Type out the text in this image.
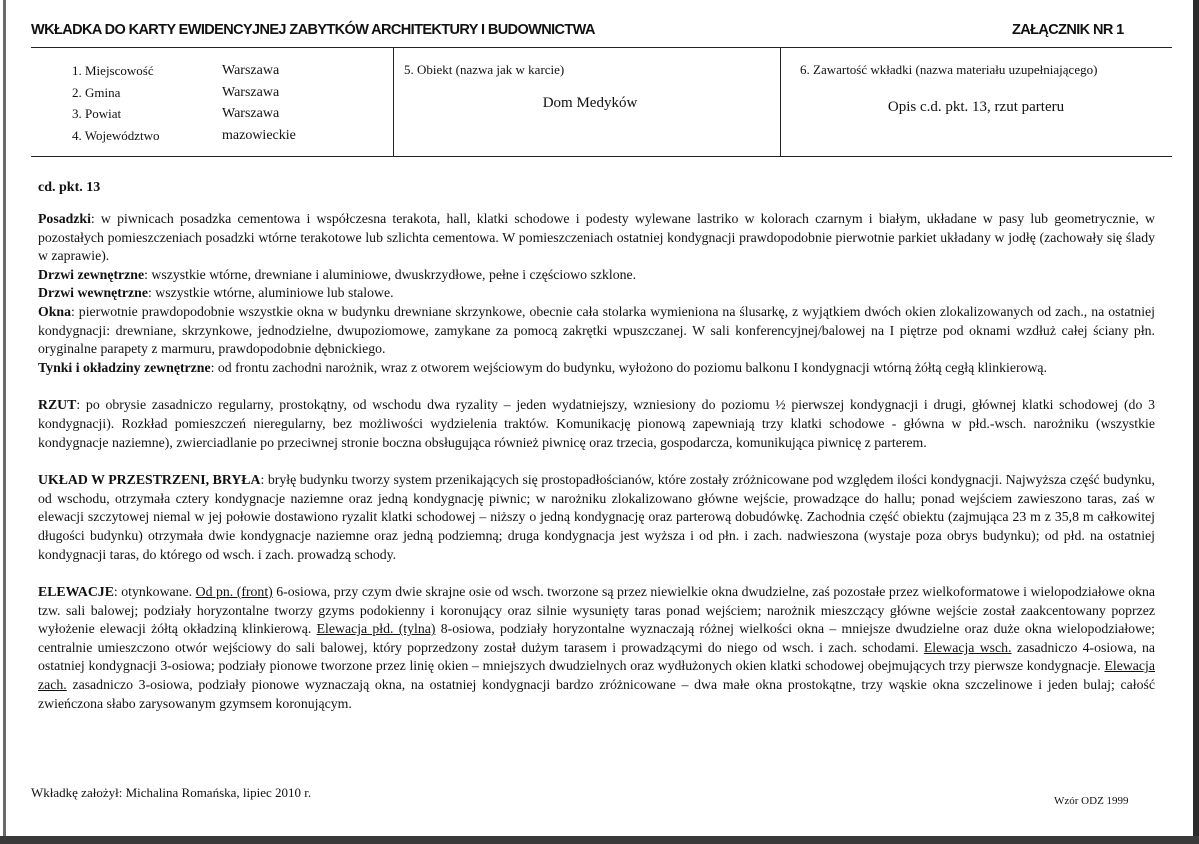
WKŁADKA DO KARTY EWIDENCYJNEJ ZABYTKÓW ARCHITEKTURY I BUDOWNICTWA	ZAŁĄCZNIK NR 1
1. Miejscowość	Warszawa
2. Gmina	Warszawa
3. Powiat	Warszawa
4. Województwo	mazowieckie
5. Obiekt (nazwa jak w karcie)
Dom Medyków
6. Zawartość wkładki (nazwa materiału uzupełniającego)
Opis c.d. pkt. 13, rzut parteru
cd. pkt. 13

Posadzki: w piwnicach posadzka cementowa i współczesna terakota, hall, klatki schodowe i podesty wylewane lastriko w kolorach czarnym i białym, układane w pasy lub geometrycznie, w pozostałych pomieszczeniach posadzki wtórne terakotowe lub szlichta cementowa. W pomieszczeniach ostatniej kondygnacji prawdopodobnie pierwotnie parkiet układany w jodłę (zachowały się ślady w zaprawie).

Drzwi zewnętrzne: wszystkie wtórne, drewniane i aluminiowe, dwuskrzydłowe, pełne i częściowo szklone.

Drzwi wewnętrzne: wszystkie wtórne, aluminiowe lub stalowe.

Okna: pierwotnie prawdopodobnie wszystkie okna w budynku drewniane skrzynkowe, obecnie cała stolarka wymieniona na ślusarkę, z wyjątkiem dwóch okien zlokalizowanych od zach., na ostatniej kondygnacji: drewniane, skrzynkowe, jednodzielne, dwupoziomowe, zamykane za pomocą zakrętki wpuszczanej. W sali konferencyjnej/balowej na I piętrze pod oknami wzdłuż całej ściany płn. oryginalne parapety z marmuru, prawdopodobnie dębnickiego.

Tynki i okładziny zewnętrzne: od frontu zachodni narożnik, wraz z otworem wejściowym do budynku, wyłożono do poziomu balkonu I kondygnacji wtórną żółtą cegłą klinkierową.

RZUT: po obrysie zasadniczo regularny, prostokątny, od wschodu dwa ryzality – jeden wydatniejszy, wzniesiony do poziomu ½ pierwszej kondygnacji i drugi, głównej klatki schodowej (do 3 kondygnacji). Rozkład pomieszczeń nieregularny, bez możliwości wydzielenia traktów. Komunikację pionową zapewniają trzy klatki schodowe - główna w płd.-wsch. narożniku (wszystkie kondygnacje naziemne), zwierciadlanie po przeciwnej stronie boczna obsługująca również piwnicę oraz trzecia, gospodarcza, komunikująca piwnicę z parterem.

UKŁAD W PRZESTRZENI, BRYŁA: bryłę budynku tworzy system przenikających się prostopadłościanów, które zostały zróżnicowane pod względem ilości kondygnacji. Najwyższa część budynku, od wschodu, otrzymała cztery kondygnacje naziemne oraz jedną kondygnację piwnic; w narożniku zlokalizowano główne wejście, prowadzące do hallu; ponad wejściem zawieszono taras, zaś w elewacji szczytowej niemal w jej połowie dostawiono ryzalit klatki schodowej – niższy o jedną kondygnację oraz parterową dobudówkę. Zachodnia część obiektu (zajmująca 23 m z 35,8 m całkowitej długości budynku) otrzymała dwie kondygnacje naziemne oraz jedną podziemną; druga kondygnacja jest wyższa i od płn. i zach. nadwieszona (wystaje poza obrys budynku); od płd. na ostatniej kondygnacji taras, do którego od wsch. i zach. prowadzą schody.

ELEWACJE: otynkowane. Od pn. (front) 6-osiowa, przy czym dwie skrajne osie od wsch. tworzone są przez niewielkie okna dwudzielne, zaś pozostałe przez wielkoformatowe i wielopodziałowe okna tzw. sali balowej; podziały horyzontalne tworzy gzyms podokienny i koronujący oraz silnie wysunięty taras ponad wejściem; narożnik mieszczący główne wejście został zaakcentowany poprzez wyłożenie elewacji żółtą okładziną klinkierową. Elewacja płd. (tylna) 8-osiowa, podziały horyzontalne wyznaczają różnej wielkości okna – mniejsze dwudzielne oraz duże okna wielopodziałowe; centralnie umieszczono otwór wejściowy do sali balowej, który poprzedzony został dużym tarasem i prowadzącymi do niego od wsch. i zach. schodami. Elewacja wsch. zasadniczo 4-osiowa, na ostatniej kondygnacji 3-osiowa; podziały pionowe tworzone przez linię okien – mniejszych dwudzielnych oraz wydłużonych okien klatki schodowej obejmujących trzy pierwsze kondygnacje. Elewacja zach. zasadniczo 3-osiowa, podziały pionowe wyznaczają okna, na ostatniej kondygnacji bardzo zróżnicowane – dwa małe okna prostokątne, trzy wąskie okna szczelinowe i jeden bulaj; całość zwieńczona słabo zarysowanym gzymsem koronującym.

Wkładkę założył: Michalina Romańska, lipiec 2010 r.
Wzór ODZ 1999
